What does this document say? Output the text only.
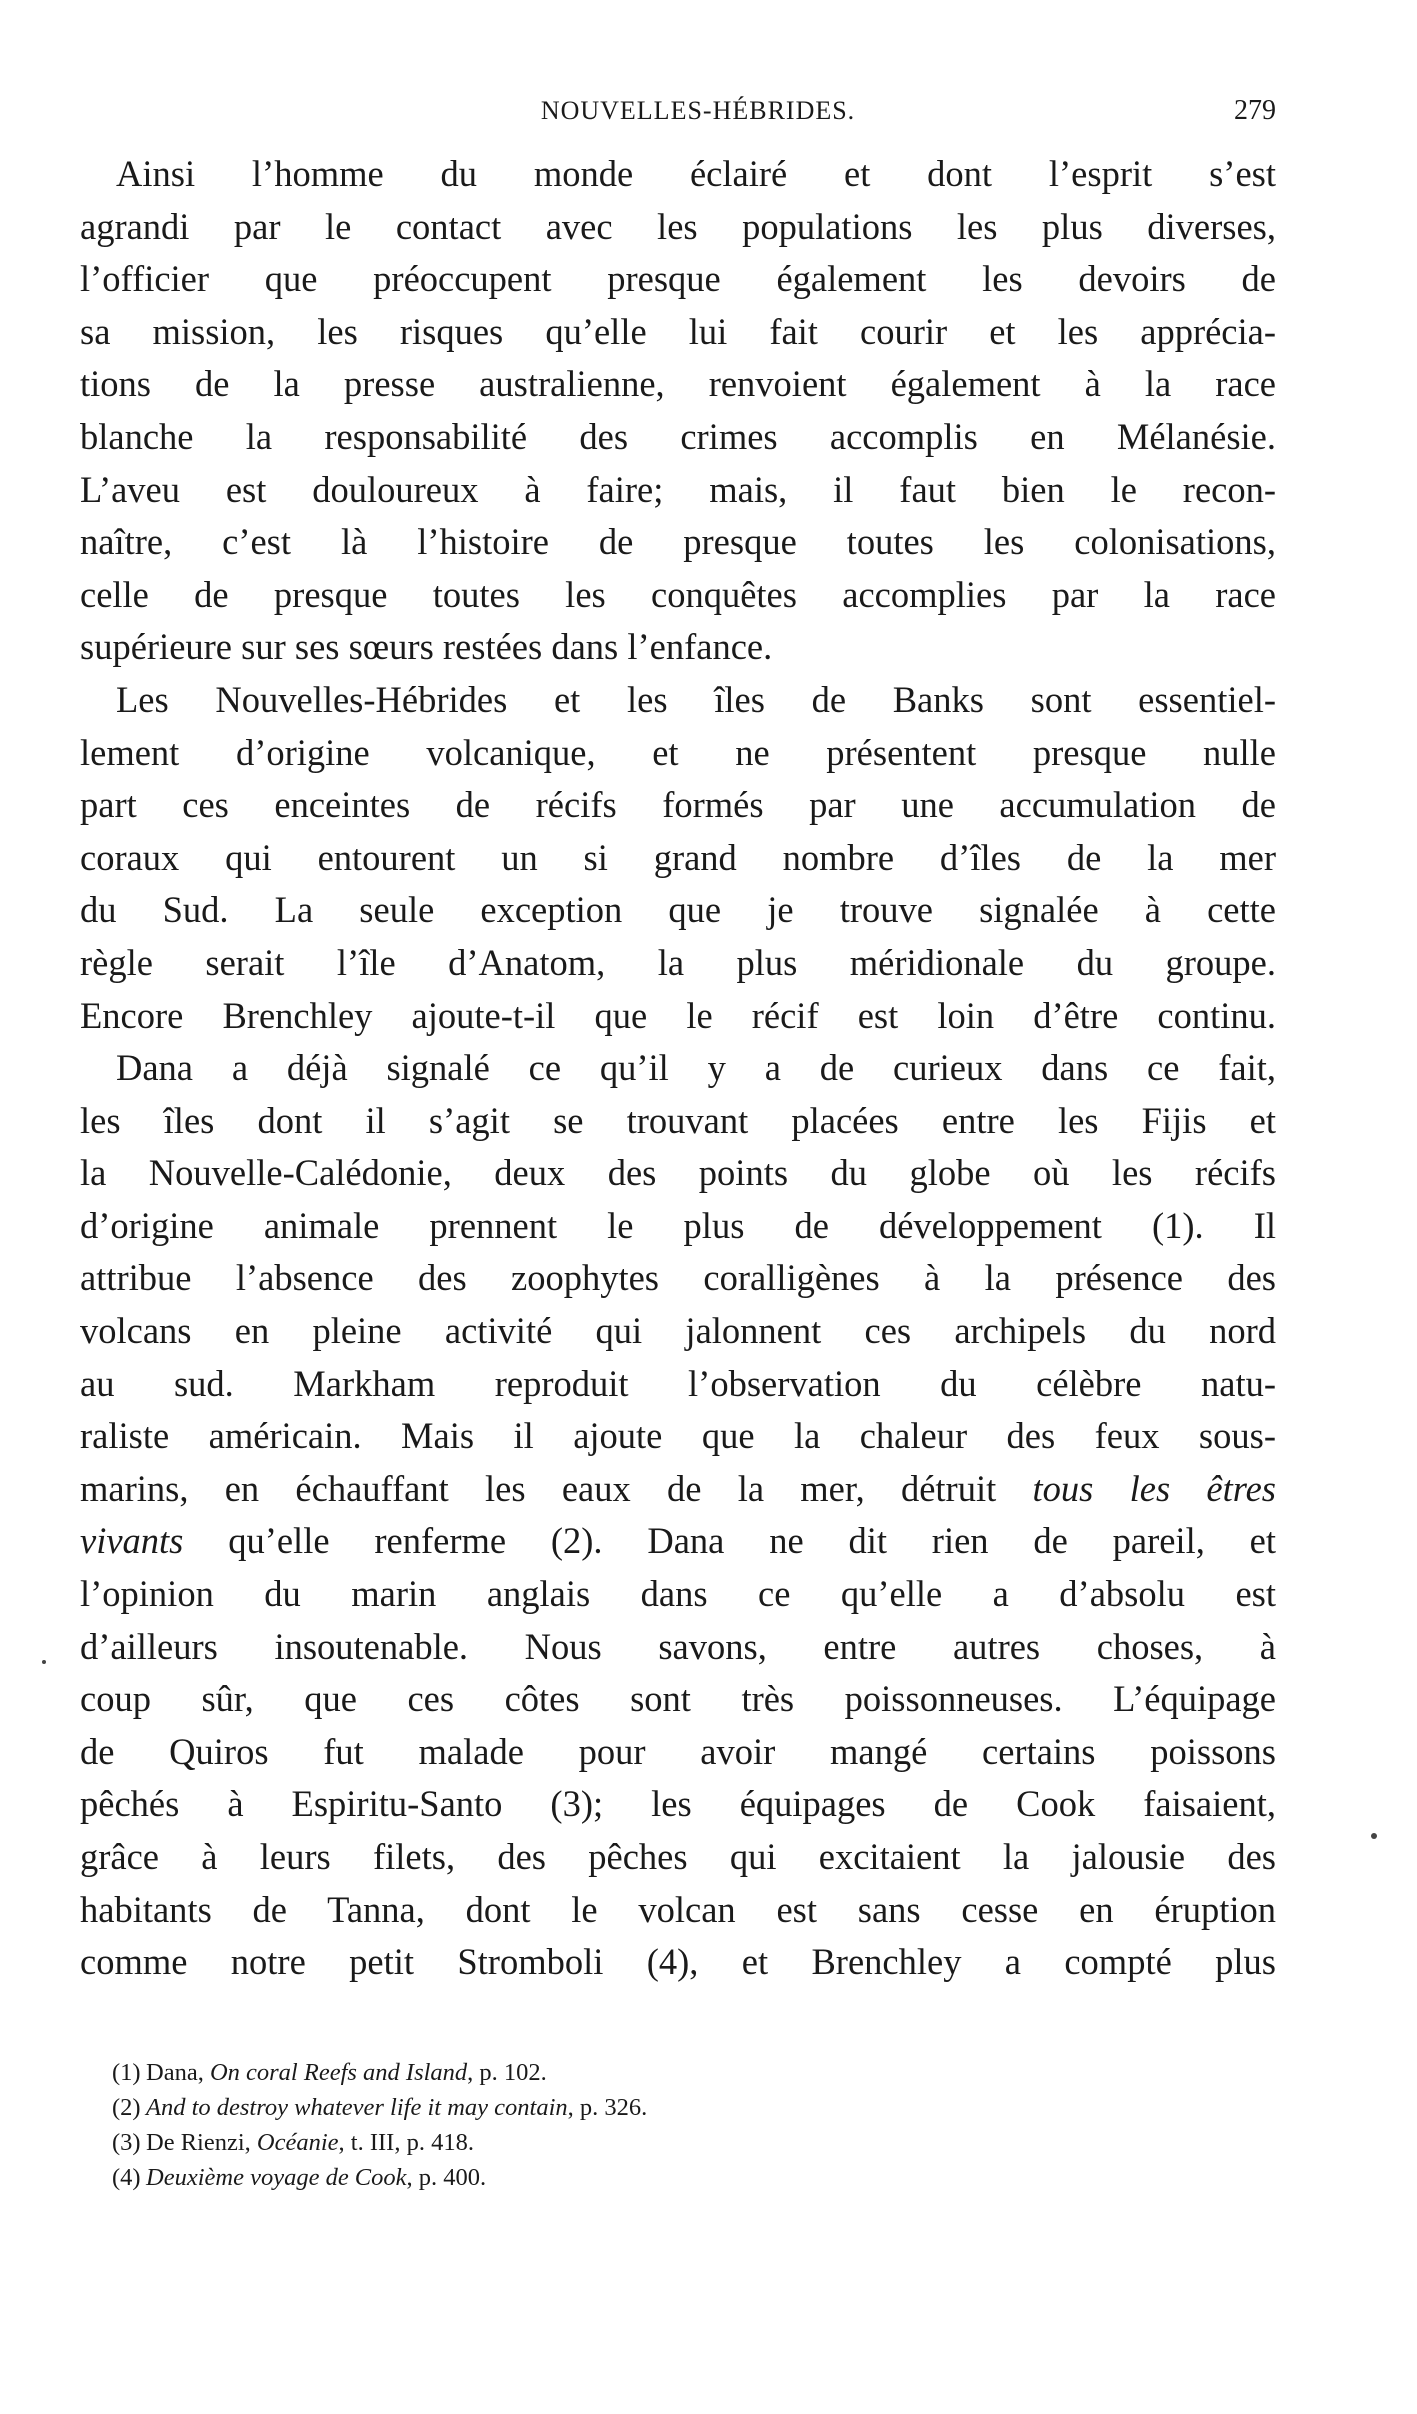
NOUVELLES-HÉBRIDES.	279
Ainsi l’homme du monde éclairé et dont l’esprit s’est
agrandi par le contact avec les populations les plus diverses,
l’officier que préoccupent presque également les devoirs de
sa mission, les risques qu’elle lui fait courir et les apprécia-
tions de la presse australienne, renvoient également à la race
blanche la responsabilité des crimes accomplis en Mélanésie.
L’aveu est douloureux à faire; mais, il faut bien le recon-
naître, c’est là l’histoire de presque toutes les colonisations,
celle de presque toutes les conquêtes accomplies par la race
supérieure sur ses sœurs restées dans l’enfance.
Les Nouvelles-Hébrides et les îles de Banks sont essentiel-
lement d’origine volcanique, et ne présentent presque nulle
part ces enceintes de récifs formés par une accumulation de
coraux qui entourent un si grand nombre d’îles de la mer
du Sud. La seule exception que je trouve signalée à cette
règle serait l’île d’Anatom, la plus méridionale du groupe.
Encore Brenchley ajoute-t-il que le récif est loin d’être continu.
Dana a déjà signalé ce qu’il y a de curieux dans ce fait,
les îles dont il s’agit se trouvant placées entre les Fijis et
la Nouvelle-Calédonie, deux des points du globe où les récifs
d’origine animale prennent le plus de développement (1). Il
attribue l’absence des zoophytes coralligènes à la présence des
volcans en pleine activité qui jalonnent ces archipels du nord
au sud. Markham reproduit l’observation du célèbre natu-
raliste américain. Mais il ajoute que la chaleur des feux sous-
marins, en échauffant les eaux de la mer, détruit tous les êtres
vivants qu’elle renferme (2). Dana ne dit rien de pareil, et
l’opinion du marin anglais dans ce qu’elle a d’absolu est
d’ailleurs insoutenable. Nous savons, entre autres choses, à
coup sûr, que ces côtes sont très poissonneuses. L’équipage
de Quiros fut malade pour avoir mangé certains poissons
pêchés à Espiritu-Santo (3); les équipages de Cook faisaient,
grâce à leurs filets, des pêches qui excitaient la jalousie des
habitants de Tanna, dont le volcan est sans cesse en éruption
comme notre petit Stromboli (4), et Brenchley a compté plus
(1) Dana, On coral Reefs and Island, p. 102.
(2) And to destroy whatever life it may contain, p. 326.
(3) De Rienzi, Océanie, t. III, p. 418.
(4) Deuxième voyage de Cook, p. 400.
